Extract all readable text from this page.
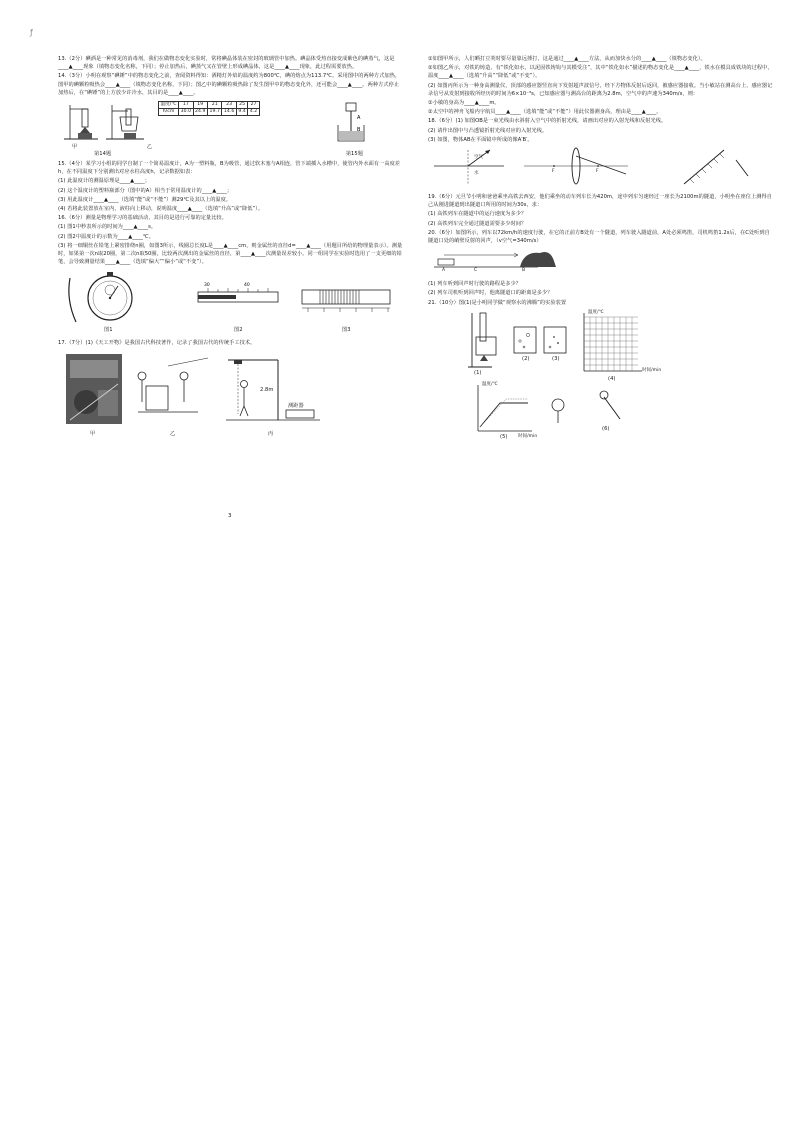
ƒ

13.（2分）碘酒是一种常见的消毒剂，我们在做物态变化实验时，常将碘晶体装在密封的玻璃管中加热。碘晶体受热直接变成紫色的碘蒸气，这是____▲____现象（填物态变化名称，下同）；停止加热后，碘蒸气又在管壁上形成碘晶体，这是____▲____现象，此过程需要放热。

14.（3分）小明在观察“碘锤”中的物态变化之前，查阅资料得知：酒精灯外焰的温度约为800℃，碘的熔点为113.7℃。采用图中的两种方式加热，图甲的碘颗粒吸热会____▲____（填物态变化名称，下同）；图乙中的碘颗粒吸热除了发生图甲中的物态变化外，还可能会____▲____。两种方式停止加热后，在“碘锤”的上方放少许冷水，其目的是____▲____。

A
B
温度/℃	17	19	21	23	25	27
h/cm	30.0	24.9	19.7	14.6	9.4	4.2
甲	乙
第14题	第15题

15.（4分）某学习小组的同学自制了一个简易温度计，A为一塑料瓶，B为吸管，通过软木塞与A相连，管下端插入水槽中，使管内外水面有一高度差h，在不同温度下分别测出对应水柱高度h，记录数据如表：

(1) 此温度计的测温原理是____▲____；

(2) 这个温度计的塑料瓶部分（图中的A）相当于常用温度计的____▲____；

(3) 用此温度计____▲____（选填“能”或“不能”）测29℃及其以上的温度。

(4) 若将此装置放在室内，液柱向上移动，说明温度____▲____（选填“升高”或“降低”）。

16.（6分）测量是物理学习的基础活动，其目的是进行可靠的定量比较。

(1) 图1中秒表所示的时间为____▲____s。

(2) 图2中温度计的示数为____▲____℃。

(3) 将一细铜丝在铅笔上紧密排绕n圈，如图3所示，线圈总长度L是____▲____cm，则金属丝的直径d=____▲____（用题目所给的物理量表示）。测量时，如果第一次n取20圈，第二次n取50圈，比较两次测出的金属丝的直径，第____▲____次测量误差较小。同一组同学在实验时选用了一支更细的铅笔，会导致测量结果____▲____（选填“偏大”“偏小”或“不变”）。

30	40
图1	图2	图3

17.（7分）(1)《天工开物》是我国古代科技著作，记录了我国古代的传统手工技术。

2.8m
测距器
甲	乙	丙
3

①如图甲所示，人们晒打豆荚时要尽量靠远捶打，这是通过____▲____方法，从而加快水分的____▲____（填物态变化）。

②如图乙所示，对铁的铸造，有“铁化如水，以泥固铁铸钩与其模受注”，其中“铁化如水”描述的物态变化是____▲____，铁水在模具成铁块的过程中，温度____▲____（选填“升高”“降低”或“不变”）。

(2) 如图丙所示为一种身高测量仪，顶部的感应器竖直向下发射超声波信号，经下方物体反射后返回，被感应器接收。当小敏站在测高台上，感应器记录信号从发射到接收所经历的时间为6×10⁻³s，已知感应器与测高台的距离为2.8m，空气中的声速为340m/s，则：

①小敏的身高为____▲____m。

②太空中的神舟飞船内宇航员____▲____（选填“能”或“不能”）用此仪器测身高，理由是____▲____。

18.（6分）(1) 如图OB是一束光线由水斜射入空气中的折射光线，请画出对应的入射光线和反射光线。

(2) 请作出图中与凸透镜折射光线对应的入射光线。

(3) 如图，物体AB在平面镜中所成的像A′B′。

空气
水	F	F

19.（6分）元旦节小明和爸爸乘坐高铁去西安，他们乘坐的动车列车长为420m，途中列车匀速经过一座长为2100m的隧道，小明坐在座位上测得自己从刚进隧道到出隧道口所用的时间为30s，求：

(1) 高铁列车在隧道中的运行速度为多少？

(2) 高铁列车完全通过隧道需要多少时间？

20.（6分）如图所示，列车以72km/h的速度行驶，在它的正前方B处有一个隧道，列车驶入隧道前，A处必须鸣笛，司机鸣笛1.2s后，在C处听到自隧道口处的峭壁反射的回声，（v空气=340m/s）

A	C	B

(1) 列车听到回声时行驶的路程是多少？

(2) 列车司机听到回声时，他离隧道口的距离是多少？

21.（10分）图(1)是小明同学做“观察水的沸腾”的实验装置

(1)
(2)	(3)
(4)
(5)
(6)
温度/℃
时间/min
温度/℃
时间/min
